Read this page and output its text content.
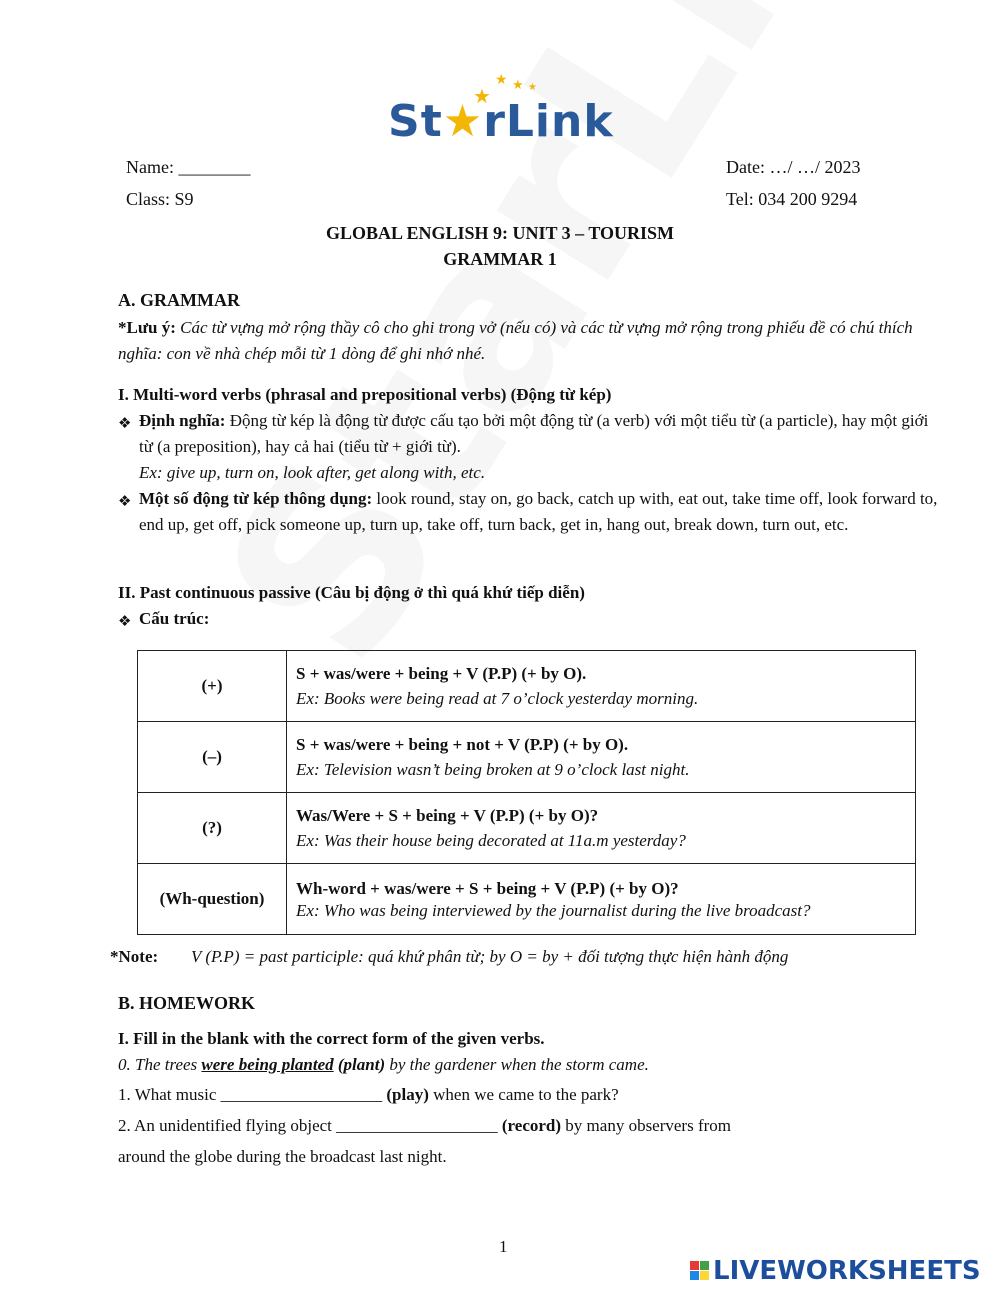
★
★ ★ ★
St★rLink
Name: ________
Class: S9
Date: …/ …/ 2023
Tel: 034 200 9294
GLOBAL ENGLISH 9: UNIT 3 – TOURISM
GRAMMAR 1
A. GRAMMAR
*Lưu ý: Các từ vựng mở rộng thầy cô cho ghi trong vở (nếu có) và các từ vựng mở rộng trong phiếu đề có chú thích nghĩa: con về nhà chép mỗi từ 1 dòng để ghi nhớ nhé.
I. Multi-word verbs (phrasal and prepositional verbs) (Động từ kép)
❖ Định nghĩa: Động từ kép là động từ được cấu tạo bởi một động từ (a verb) với một tiểu từ (a particle), hay một giới từ (a preposition), hay cả hai (tiểu từ + giới từ).
Ex: give up, turn on, look after, get along with, etc.
❖ Một số động từ kép thông dụng: look round, stay on, go back, catch up with, eat out, take time off, look forward to, end up, get off, pick someone up, turn up, take off, turn back, get in, hang out, break down, turn out, etc.
II. Past continuous passive (Câu bị động ở thì quá khứ tiếp diễn)
❖ Cấu trúc:
(+)	S + was/were + being + V (P.P) (+ by O).
Ex: Books were being read at 7 o’clock yesterday morning.

(–)	S + was/were + being + not + V (P.P) (+ by O).
Ex: Television wasn’t being broken at 9 o’clock last night.

(?)	Was/Were + S + being + V (P.P) (+ by O)?
Ex: Was their house being decorated at 11a.m yesterday?

(Wh-question)	Wh-word + was/were + S + being + V (P.P) (+ by O)?
Ex: Who was being interviewed by the journalist during the live broadcast?
*Note: V (P.P) = past participle: quá khứ phân từ; by O = by + đối tượng thực hiện hành động
B. HOMEWORK
I. Fill in the blank with the correct form of the given verbs.
0. The trees were being planted (plant) by the gardener when the storm came.
1. What music ___________________ (play) when we came to the park?
2. An unidentified flying object ___________________ (record) by many observers from
around the globe during the broadcast last night.
1
LIVEWORKSHEETS
